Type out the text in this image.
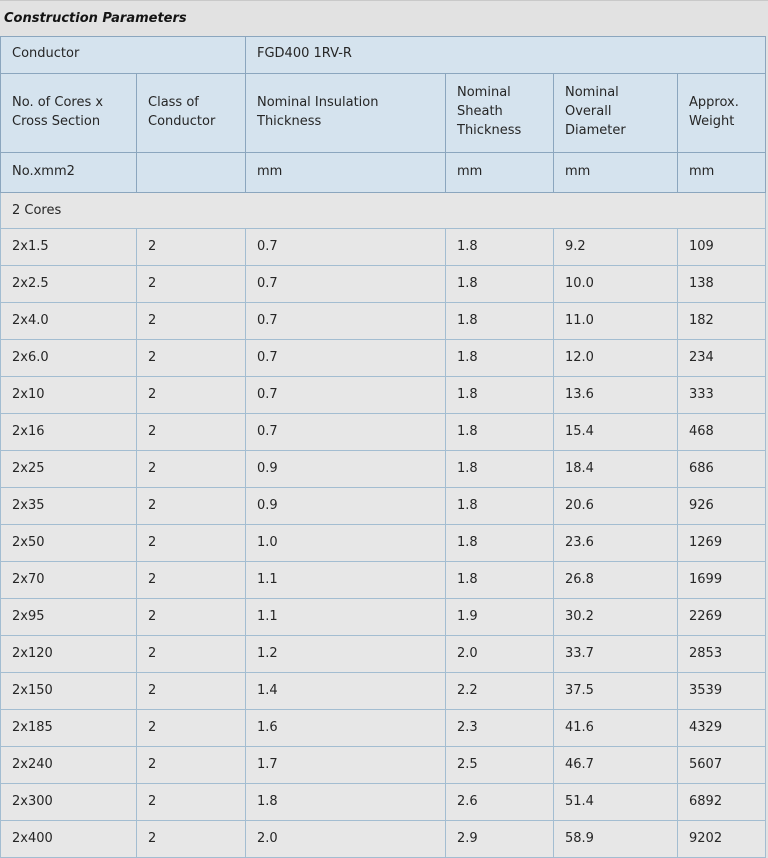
Construction Parameters
Conductor		FGD400 1RV-R			
No. of Cores x Cross Section	Class of Conductor	Nominal Insulation Thickness	Nominal Sheath Thickness	Nominal Overall Diameter	Approx. Weight
No.xmm2		mm	mm	mm	mm
2 Cores					
2x1.5	2	0.7	1.8	9.2	109
2x2.5	2	0.7	1.8	10.0	138
2x4.0	2	0.7	1.8	11.0	182
2x6.0	2	0.7	1.8	12.0	234
2x10	2	0.7	1.8	13.6	333
2x16	2	0.7	1.8	15.4	468
2x25	2	0.9	1.8	18.4	686
2x35	2	0.9	1.8	20.6	926
2x50	2	1.0	1.8	23.6	1269
2x70	2	1.1	1.8	26.8	1699
2x95	2	1.1	1.9	30.2	2269
2x120	2	1.2	2.0	33.7	2853
2x150	2	1.4	2.2	37.5	3539
2x185	2	1.6	2.3	41.6	4329
2x240	2	1.7	2.5	46.7	5607
2x300	2	1.8	2.6	51.4	6892
2x400	2	2.0	2.9	58.9	9202
